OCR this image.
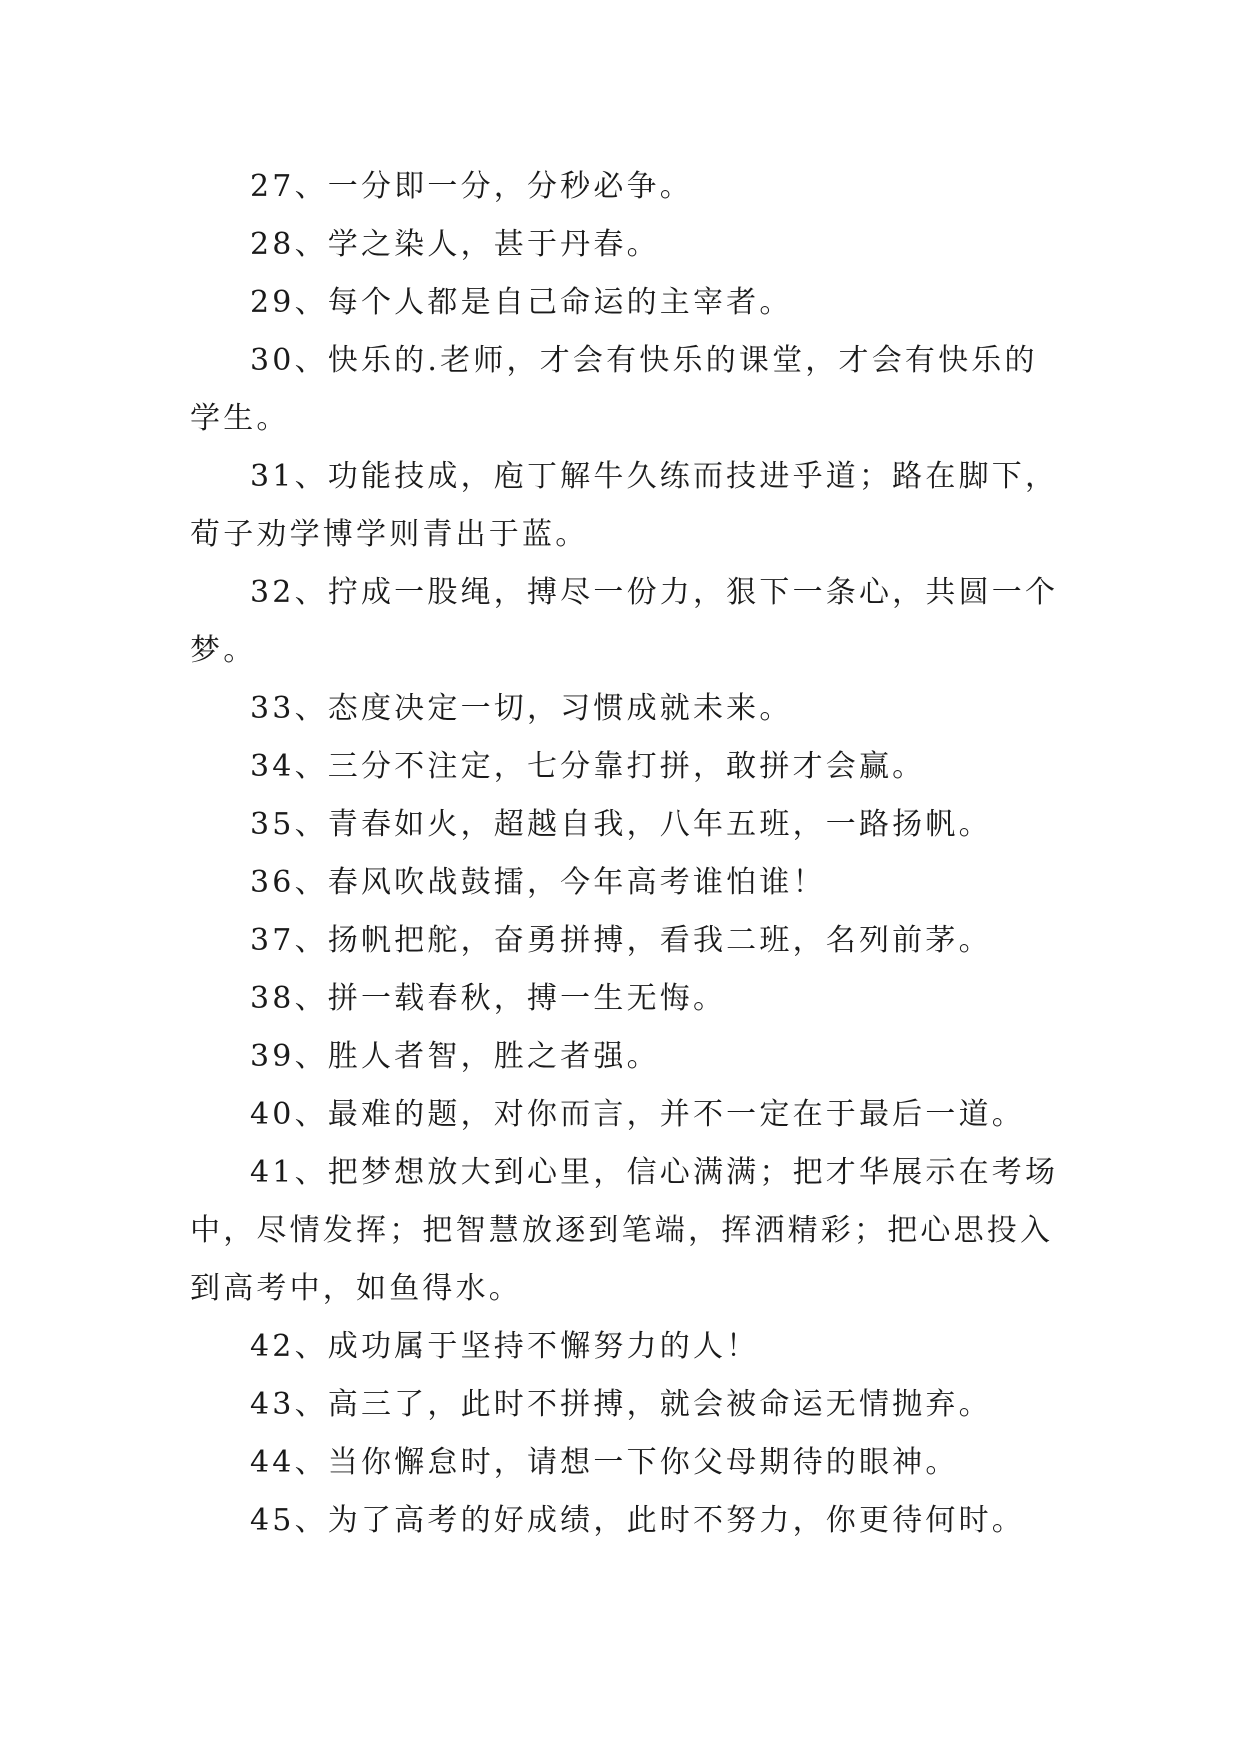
27、一分即一分，分秒必争。

28、学之染人，甚于丹春。

29、每个人都是自己命运的主宰者。

30、快乐的.老师，才会有快乐的课堂，才会有快乐的学生。

31、功能技成，庖丁解牛久练而技进乎道；路在脚下，荀子劝学博学则青出于蓝。

32、拧成一股绳，搏尽一份力，狠下一条心，共圆一个梦。

33、态度决定一切，习惯成就未来。

34、三分不注定，七分靠打拼，敢拼才会赢。

35、青春如火，超越自我，八年五班，一路扬帆。

36、春风吹战鼓擂，今年高考谁怕谁！

37、扬帆把舵，奋勇拼搏，看我二班，名列前茅。

38、拼一载春秋，搏一生无悔。

39、胜人者智，胜之者强。

40、最难的题，对你而言，并不一定在于最后一道。

41、把梦想放大到心里，信心满满；把才华展示在考场中，尽情发挥；把智慧放逐到笔端，挥洒精彩；把心思投入到高考中，如鱼得水。

42、成功属于坚持不懈努力的人！

43、高三了，此时不拼搏，就会被命运无情抛弃。

44、当你懈怠时，请想一下你父母期待的眼神。

45、为了高考的好成绩，此时不努力，你更待何时。
